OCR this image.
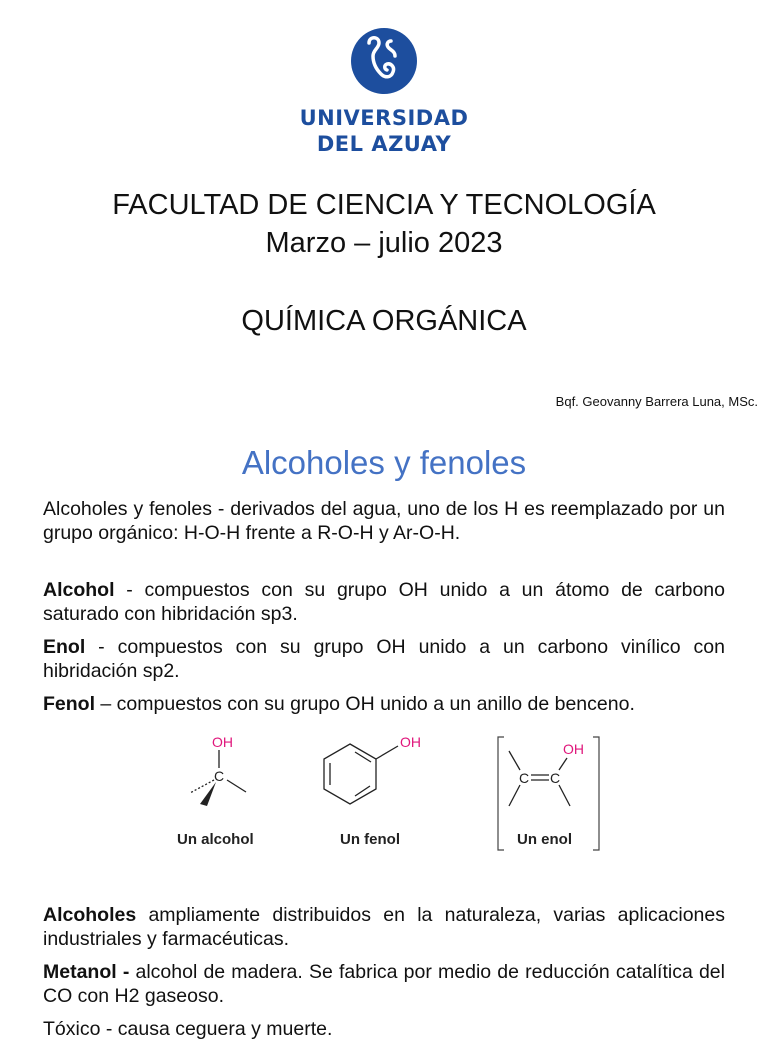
UNIVERSIDAD
DEL AZUAY
FACULTAD DE CIENCIA Y TECNOLOGÍA
Marzo – julio 2023
QUÍMICA ORGÁNICA
Bqf. Geovanny Barrera Luna, MSc.
Alcoholes y fenoles

Alcoholes y fenoles - derivados del agua, uno de los H es reemplazado por un grupo orgánico: H-O-H frente a R-O-H y Ar-O-H.

Alcohol - compuestos con su grupo OH unido a un átomo de carbono saturado con hibridación sp3.

Enol - compuestos con su grupo OH unido a un carbono vinílico con hibridación sp2.

Fenol – compuestos con su grupo OH unido a un anillo de benceno.

OH
C
OH	OH
C C
Un alcohol	Un fenol	Un enol

Alcoholes ampliamente distribuidos en la naturaleza, varias aplicaciones industriales y farmacéuticas.

Metanol - alcohol de madera. Se fabrica por medio de reducción catalítica del CO con H2 gaseoso.

Tóxico - causa ceguera y muerte.
